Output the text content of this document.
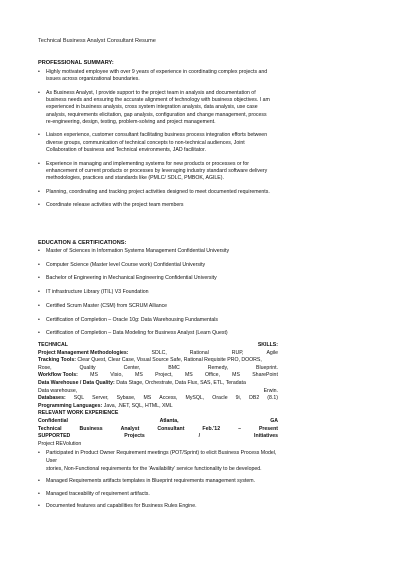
Technical Business Analyst Consultant Resume
PROFESSIONAL SUMMARY:
• Highly motivated employee with over 9 years of experience in coordinating complex projects and
issues across organizational boundaries.
• As Business Analyst, I provide support to the project team in analysis and documentation of
business needs and ensuring the accurate alignment of technology with business objectives. I am
experienced in business analysis, cross system integration analysis, data analysis, use case
analysis, requirements elicitation, gap analysis, configuration and change management, process
re-engineering, design, testing, problem-solving and project management.
• Liaison experience, customer consultant facilitating business process integration efforts between
diverse groups, communication of technical concepts to non-technical audiences, Joint
Collaboration of business and Technical environments, JAD facilitator.
• Experience in managing and implementing systems for new products or processes or for
enhancement of current products or processes by leveraging industry standard software delivery
methodologies, practices and standards like (PMLC/ SDLC, PMBOK, AGILE).
• Planning, coordinating and tracking project activities designed to meet documented requirements.
• Coordinate release activities with the project team members
EDUCATION & CERTIFICATIONS:
• Master of Sciences in Information Systems Management Confidential University
• Computer Science (Master level Course work) Confidential University
• Bachelor of Engineering in Mechanical Engineering Confidential University
• IT infrastructure Library (ITIL) V3 Foundation
• Certified Scrum Master (CSM) from SCRUM Alliance
• Certification of Completion – Oracle 10g: Data Warehousing Fundamentals
• Certification of Completion – Data Modeling for Business Analyst (Learn Quest)
TECHNICAL	SKILLS:
Project Management Methodologies:	SDLC,	Rational	RUP,	Agile
Tracking Tools: Clear Quest, Clear Case, Visual Source Safe, Rational Requisite PRO, DOORS,
Rose,	Quality	Center,	BMC	Remedy,	Blueprint.
Workflow Tools: MS Visio, MS Project, MS Office, MS SharePoint
Data Warehouse / Data Quality: Data Stage, Orchestrate, Data Flux, SAS, ETL, Teradata
Data warehouse,	Erwin.
Databases: SQL Server, Sybase, MS Access, MySQL, Oracle 9i, DB2 (8.1)
Programming Languages: Java, .NET, SQL, HTML, XML
RELEVANT WORK EXPERIENCE
Confidential	Atlanta,	GA
Technical	Business	Analyst	Consultant	Feb.'12	–	Present
SUPPORTED	Projects	/	Initiatives
Project REVolution
• Participated in Product Owner Requirement meetings (POT/Sprint) to elicit Business Process Model, User
stories, Non-Functional requirements for the 'Availability' service functionality to be developed.
• Managed Requirements artifacts templates in Blueprint requirements management system.
• Managed traceability of requirement artifacts.
• Documented features and capabilities for Business Rules Engine.
